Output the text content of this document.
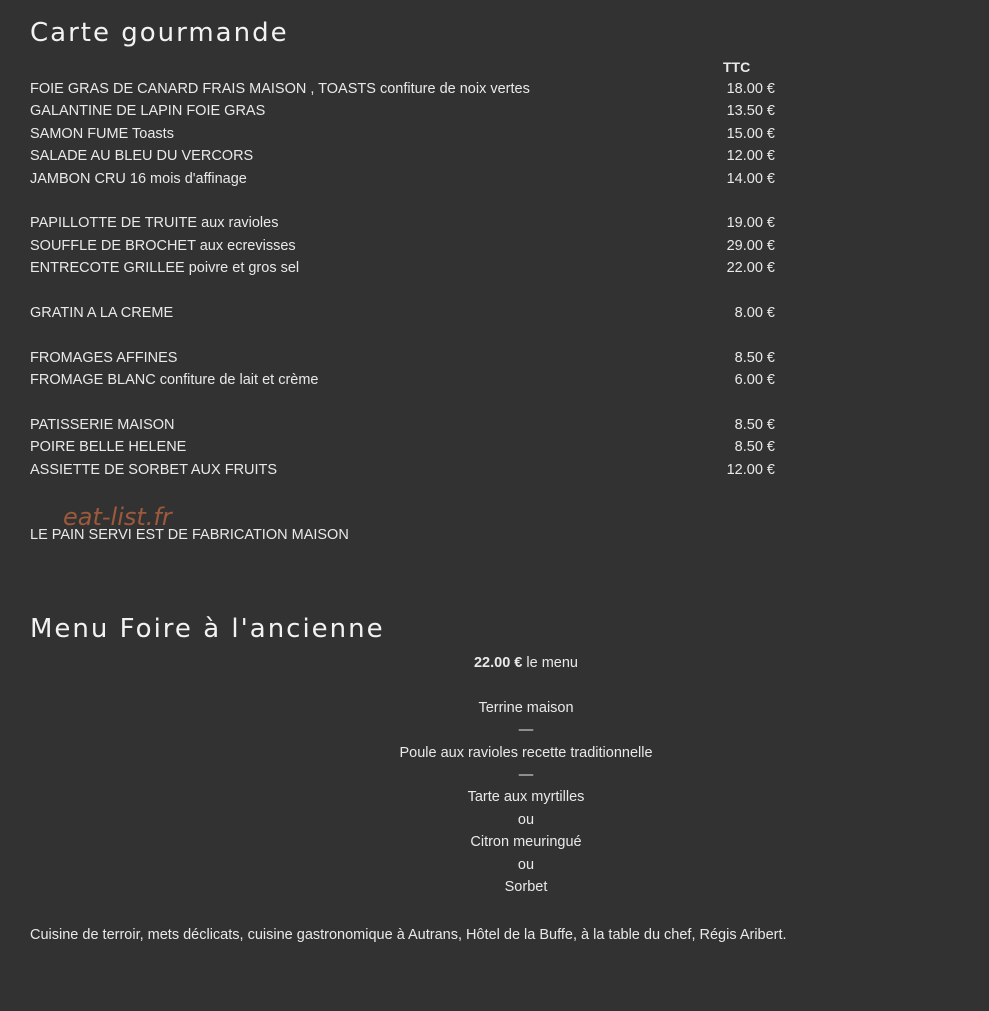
Carte gourmande
TTC
FOIE GRAS DE CANARD FRAIS MAISON , TOASTS confiture de noix vertes	18.00 €
GALANTINE DE LAPIN FOIE GRAS	13.50 €
SAMON FUME Toasts	15.00 €
SALADE AU BLEU DU VERCORS	12.00 €
JAMBON CRU 16 mois d'affinage	14.00 €
PAPILLOTTE DE TRUITE aux ravioles	19.00 €
SOUFFLE DE BROCHET aux ecrevisses	29.00 €
ENTRECOTE GRILLEE poivre et gros sel	22.00 €
GRATIN A LA CREME	8.00 €
FROMAGES AFFINES	8.50 €
FROMAGE BLANC confiture de lait et crème	6.00 €
PATISSERIE MAISON	8.50 €
POIRE BELLE HELENE	8.50 €
ASSIETTE DE SORBET AUX FRUITS	12.00 €
eat-list.fr
LE PAIN SERVI EST DE FABRICATION MAISON
Menu Foire à l'ancienne
22.00 € le menu
Terrine maison
—
Poule aux ravioles recette traditionnelle
—
Tarte aux myrtilles
ou
Citron meuringué
ou
Sorbet
Cuisine de terroir, mets déclicats, cuisine gastronomique à Autrans, Hôtel de la Buffe, à la table du chef, Régis Aribert.
